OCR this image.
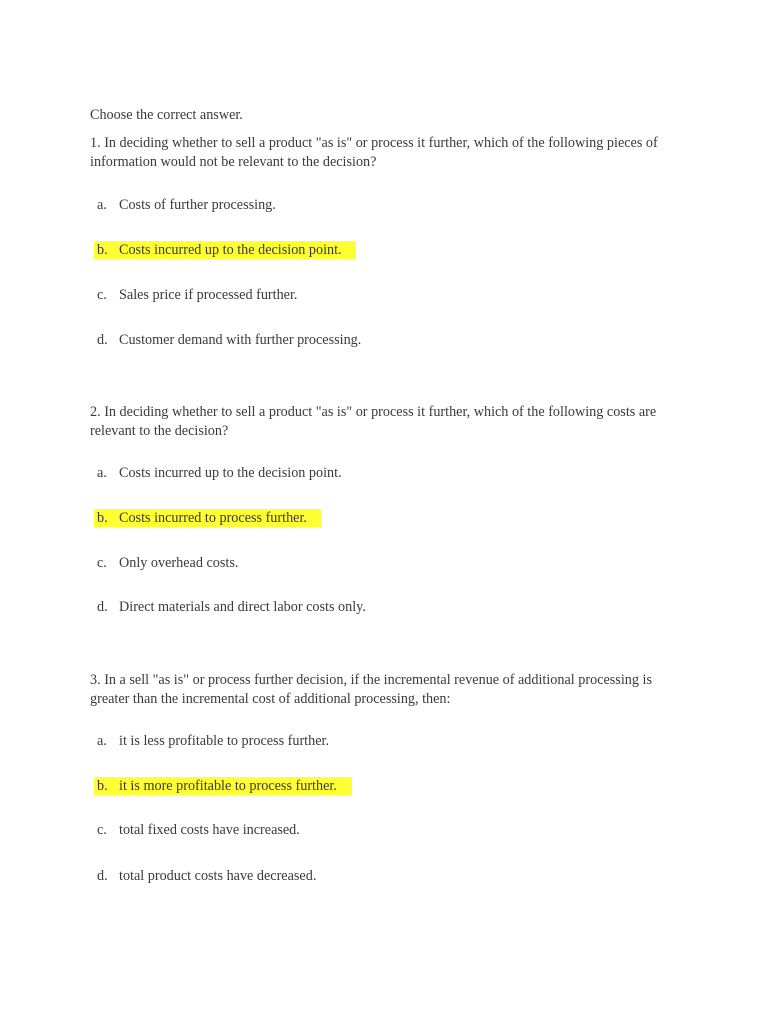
Choose the correct answer.

1. In deciding whether to sell a product "as is" or process it further, which of the following pieces of information would not be relevant to the decision?

a. Costs of further processing.
b. Costs incurred up to the decision point.
c. Sales price if processed further.
d. Customer demand with further processing.

2. In deciding whether to sell a product "as is" or process it further, which of the following costs are relevant to the decision?

a. Costs incurred up to the decision point.
b. Costs incurred to process further.
c. Only overhead costs.
d. Direct materials and direct labor costs only.

3. In a sell "as is" or process further decision, if the incremental revenue of additional processing is greater than the incremental cost of additional processing, then:

a. it is less profitable to process further.
b. it is more profitable to process further.
c. total fixed costs have increased.
d. total product costs have decreased.
